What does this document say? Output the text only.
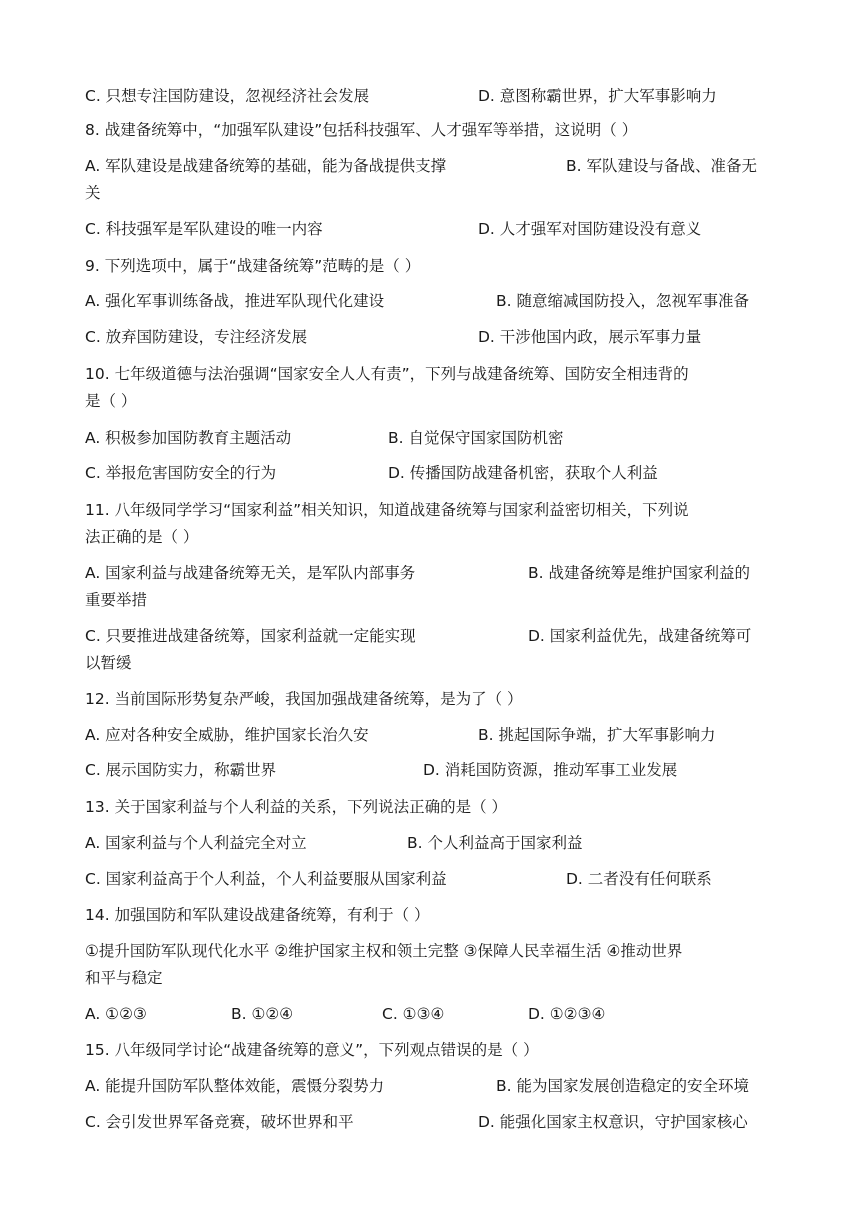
C. 只想专注国防建设，忽视经济社会发展	D. 意图称霸世界，扩大军事影响力
8. 战建备统筹中，“加强军队建设”包括科技强军、人才强军等举措，这说明（ ）
A. 军队建设是战建备统筹的基础，能为备战提供支撑	B. 军队建设与备战、准备无
关
C. 科技强军是军队建设的唯一内容	D. 人才强军对国防建设没有意义
9. 下列选项中，属于“战建备统筹”范畴的是（ ）
A. 强化军事训练备战，推进军队现代化建设	B. 随意缩减国防投入，忽视军事准备
C. 放弃国防建设，专注经济发展	D. 干涉他国内政，展示军事力量
10. 七年级道德与法治强调“国家安全人人有责”，下列与战建备统筹、国防安全相违背的
是（ ）
A. 积极参加国防教育主题活动	B. 自觉保守国家国防机密
C. 举报危害国防安全的行为	D. 传播国防战建备机密，获取个人利益
11. 八年级同学学习“国家利益”相关知识，知道战建备统筹与国家利益密切相关，下列说
法正确的是（ ）
A. 国家利益与战建备统筹无关，是军队内部事务	B. 战建备统筹是维护国家利益的
重要举措
C. 只要推进战建备统筹，国家利益就一定能实现	D. 国家利益优先，战建备统筹可
以暂缓
12. 当前国际形势复杂严峻，我国加强战建备统筹，是为了（ ）
A. 应对各种安全威胁，维护国家长治久安	B. 挑起国际争端，扩大军事影响力
C. 展示国防实力，称霸世界	D. 消耗国防资源，推动军事工业发展
13. 关于国家利益与个人利益的关系，下列说法正确的是（ ）
A. 国家利益与个人利益完全对立	B. 个人利益高于国家利益
C. 国家利益高于个人利益，个人利益要服从国家利益	D. 二者没有任何联系
14. 加强国防和军队建设战建备统筹，有利于（ ）
①提升国防军队现代化水平 ②维护国家主权和领土完整 ③保障人民幸福生活 ④推动世界
和平与稳定
A. ①②③	B. ①②④	C. ①③④	D. ①②③④
15. 八年级同学讨论“战建备统筹的意义”，下列观点错误的是（ ）
A. 能提升国防军队整体效能，震慑分裂势力	B. 能为国家发展创造稳定的安全环境
C. 会引发世界军备竞赛，破坏世界和平	D. 能强化国家主权意识，守护国家核心
